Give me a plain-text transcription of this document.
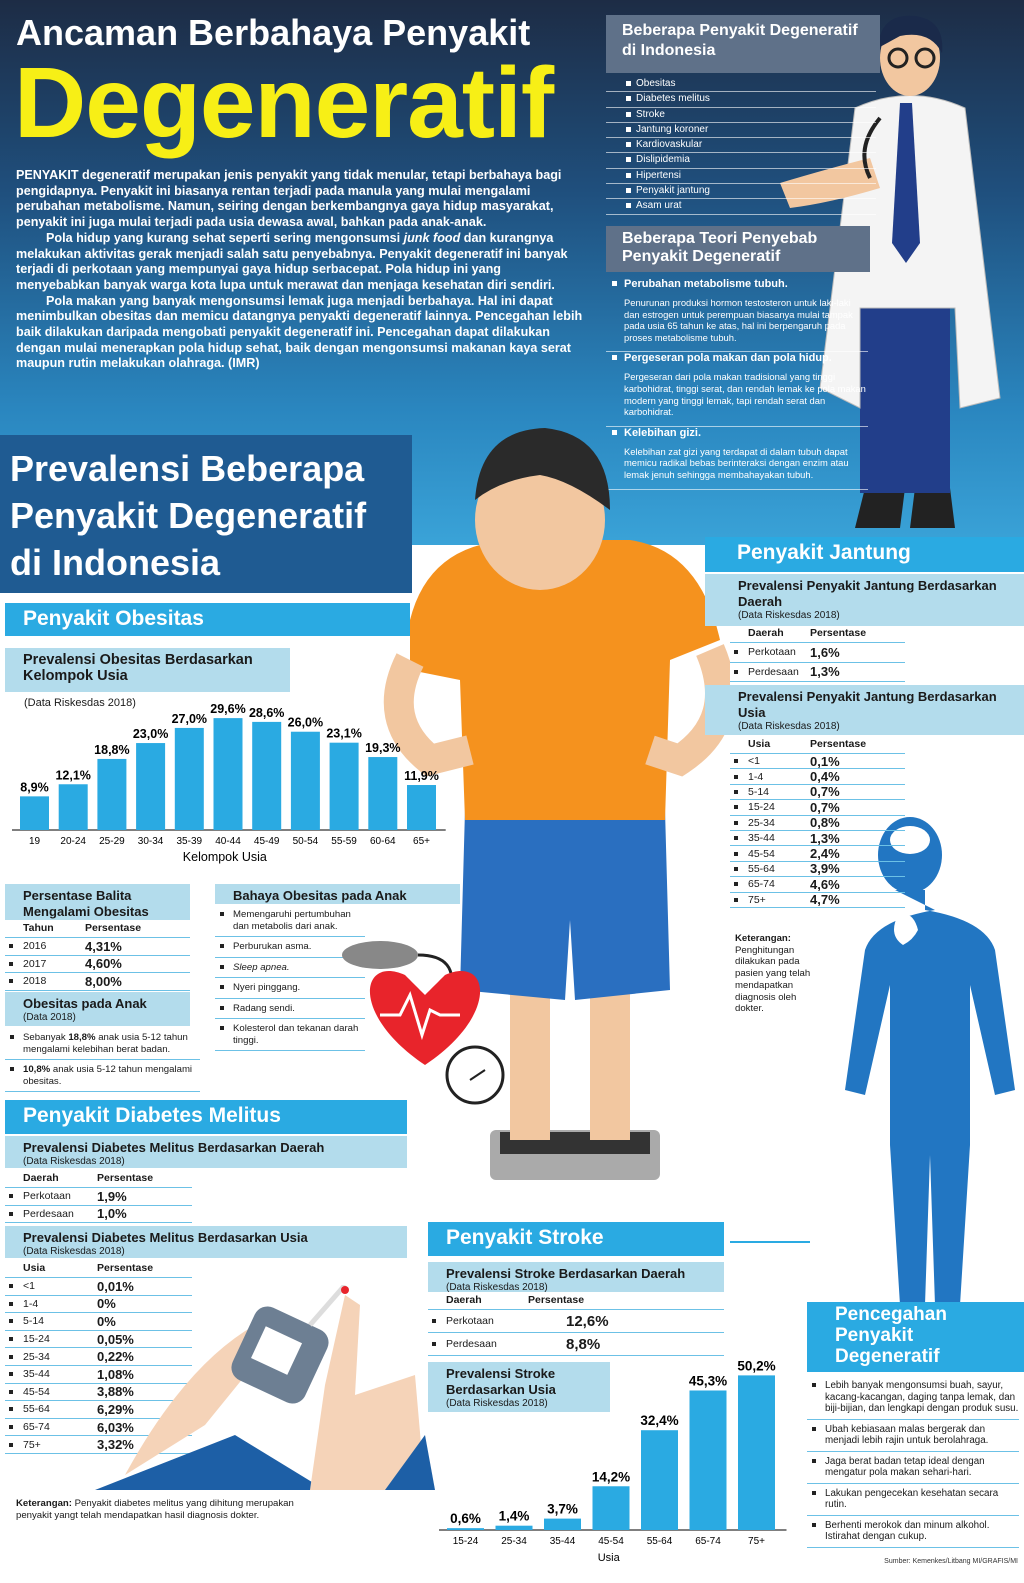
Ancaman Berbahaya Penyakit
Degeneratif

PENYAKIT degeneratif merupakan jenis penyakit yang tidak menular, tetapi berbahaya bagi pengidapnya. Penyakit ini biasanya rentan terjadi pada manula yang mulai mengalami perubahan metabolisme. Namun, seiring dengan berkembangnya gaya hidup masyarakat, penyakit ini juga mulai terjadi pada usia dewasa awal, bahkan pada anak-anak.

Pola hidup yang kurang sehat seperti sering mengonsumsi junk food dan kurangnya melakukan aktivitas gerak menjadi salah satu penyebabnya. Penyakit degeneratif ini banyak terjadi di perkotaan yang mempunyai gaya hidup serbacepat. Pola hidup ini yang menyebabkan banyak warga kota lupa untuk merawat dan menjaga kesehatan diri sendiri.

Pola makan yang banyak mengonsumsi lemak juga menjadi berbahaya. Hal ini dapat menimbulkan obesitas dan memicu datangnya penyakti degeneratif lainnya. Pencegahan lebih baik dilakukan daripada mengobati penyakit degeneratif ini. Pencegahan dapat dilakukan dengan mulai menerapkan pola hidup sehat, baik dengan mengonsumsi makanan kaya serat maupun rutin melakukan olahraga. (IMR)

Beberapa Penyakit Degeneratif di Indonesia
Obesitas
Diabetes melitus
Stroke
Jantung koroner
Kardiovaskular
Dislipidemia
Hipertensi
Penyakit jantung
Asam urat
Beberapa Teori Penyebab Penyakit Degeneratif
Perubahan metabolisme tubuh.
Penurunan produksi hormon testosteron untuk laki-laki dan estrogen untuk perempuan biasanya mulai tampak pada usia 65 tahun ke atas, hal ini berpengaruh pada proses metabolisme tubuh.
Pergeseran pola makan dan pola hidup.
Pergeseran dari pola makan tradisional yang tinggi karbohidrat, tinggi serat, dan rendah lemak ke pola makan modern yang tinggi lemak, tapi rendah serat dan karbohidrat.
Kelebihan gizi.
Kelebihan zat gizi yang terdapat di dalam tubuh dapat memicu radikal bebas berinteraksi dengan enzim atau lemak jenuh sehingga membahayakan tubuh.
Prevalensi Beberapa Penyakit Degeneratif di Indonesia
Penyakit Obesitas
Prevalensi Obesitas Berdasarkan Kelompok Usia
(Data Riskesdas 2018)
8,9%
19
12,1%
20-24
18,8%
25-29
23,0%
30-34
27,0%
35-39
29,6%
40-44
28,6%
45-49
26,0%
50-54
23,1%
55-59
19,3%
60-64
11,9%
65+
Kelompok Usia
Persentase Balita Mengalami Obesitas
Tahun	Persentase
2016	4,31%
2017	4,60%
2018	8,00%
Obesitas pada Anak
(Data 2018)
Sebanyak 18,8% anak usia 5-12 tahun mengalami kelebihan berat badan.
10,8% anak usia 5-12 tahun mengalami obesitas.
Bahaya Obesitas pada Anak
Memengaruhi pertumbuhan dan metabolis dari anak.
Perburukan asma.
Sleep apnea.
Nyeri pinggang.
Radang sendi.
Kolesterol dan tekanan darah tinggi.
Penyakit Jantung
Prevalensi Penyakit Jantung Berdasarkan Daerah
(Data Riskesdas 2018)
Daerah	Persentase
Perkotaan	1,6%
Perdesaan 1,3%
Prevalensi Penyakit Jantung Berdasarkan Usia
(Data Riskesdas 2018)
Usia	Persentase
<1	0,1%
1-4	0,4%
5-14	0,7%
15-24	0,7%
25-34	0,8%
35-44	1,3%
45-54	2,4%
55-64	3,9%
65-74	4,6%
75+	4,7%
Keterangan:
Penghitungan dilakukan pada pasien yang telah mendapatkan diagnosis oleh dokter.
Penyakit Diabetes Melitus
Prevalensi Diabetes Melitus Berdasarkan Daerah
(Data Riskesdas 2018)
Daerah	Persentase
Perkotaan	1,9%
Perdesaan	1,0%
Prevalensi Diabetes Melitus Berdasarkan Usia
(Data Riskesdas 2018)
Usia	Persentase
<1	0,01%
1-4	0%
5-14	0%
15-24	0,05%
25-34	0,22%
35-44	1,08%
45-54	3,88%
55-64	6,29%
65-74	6,03%
75+	3,32%
Keterangan: Penyakit diabetes melitus yang dihitung merupakan penyakit yangt telah mendapatkan hasil diagnosis dokter.
Penyakit Stroke
Prevalensi Stroke Berdasarkan Daerah
(Data Riskesdas 2018)
Daerah	Persentase
Perkotaan	12,6%
Perdesaan	8,8%
Prevalensi Stroke Berdasarkan Usia
(Data Riskesdas 2018)
0,6%
15-24
1,4%
25-34
3,7%
35-44
14,2%
45-54
32,4%
55-64
45,3%
65-74
50,2%
75+
Usia
Pencegahan Penyakit Degeneratif
Lebih banyak mengonsumsi buah, sayur, kacang-kacangan, daging tanpa lemak, dan biji-bijian, dan lengkapi dengan produk susu.
Ubah kebiasaan malas bergerak dan menjadi lebih rajin untuk berolahraga.
Jaga berat badan tetap ideal dengan mengatur pola makan sehari-hari.
Lakukan pengecekan kesehatan secara rutin.
Berhenti merokok dan minum alkohol. Istirahat dengan cukup.
Sumber: Kemenkes/Litbang MI/GRAFIS/MI
